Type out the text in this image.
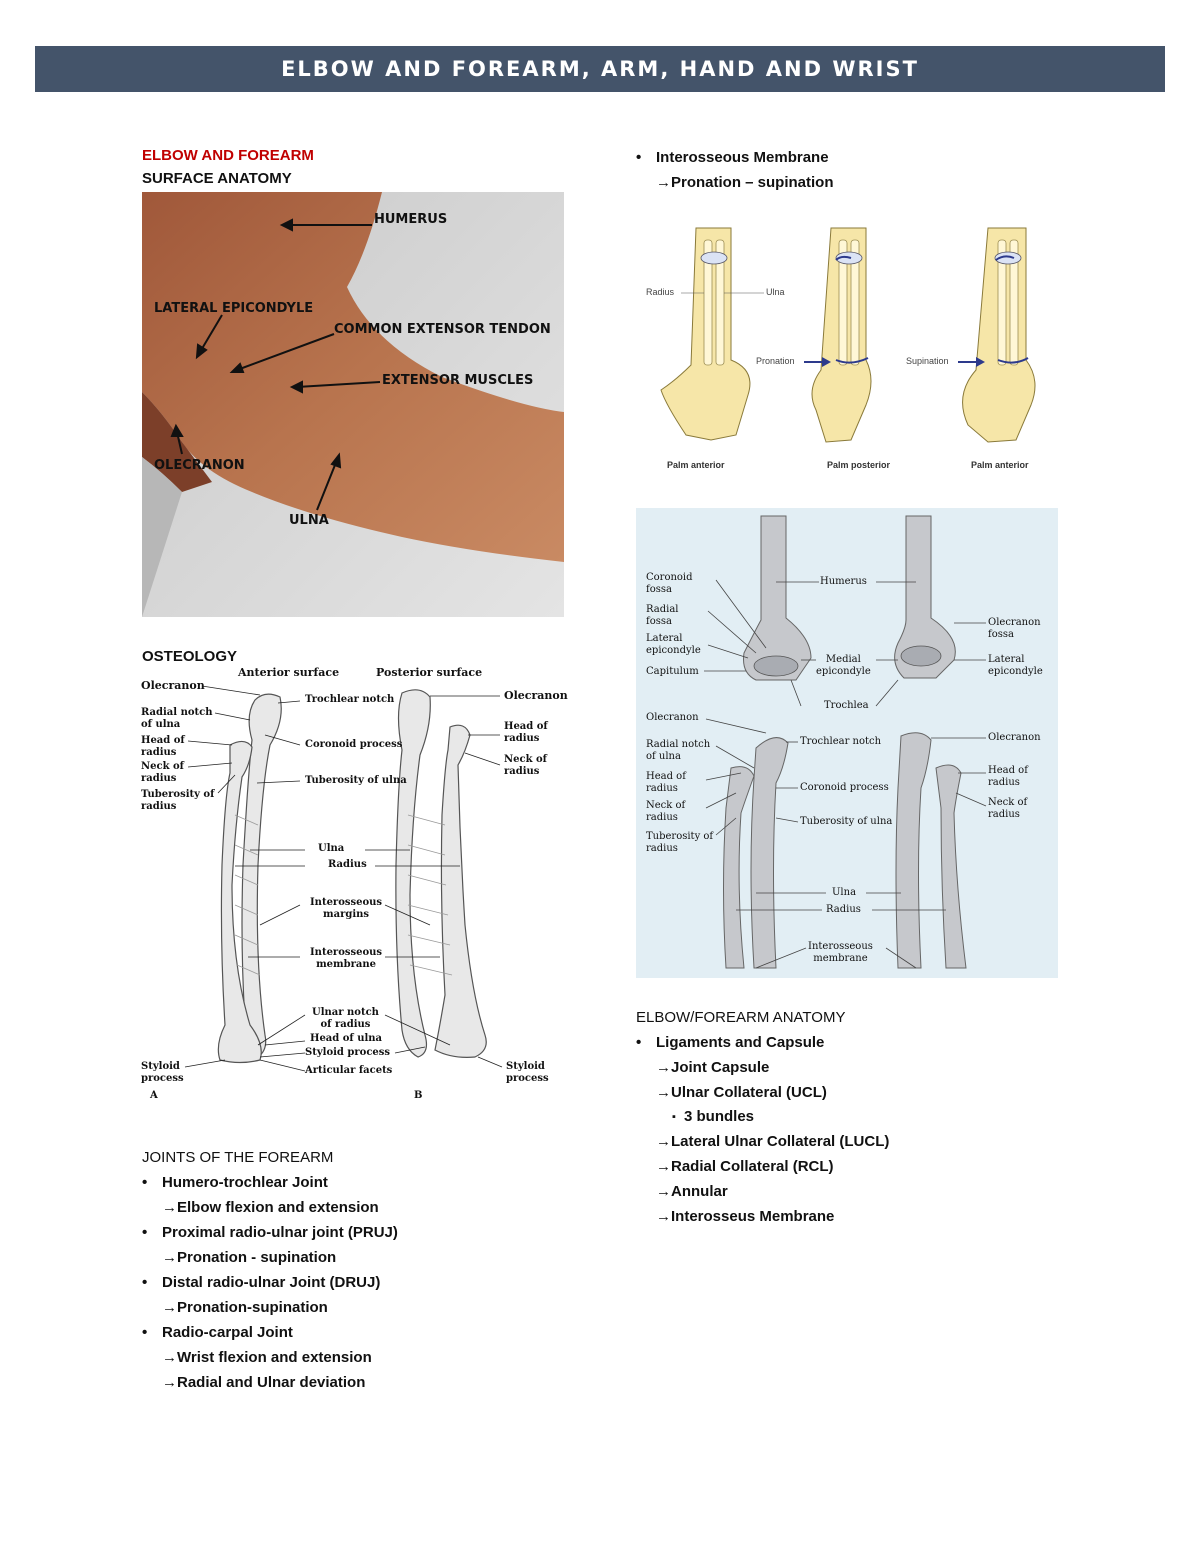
ELBOW AND FOREARM, ARM, HAND AND WRIST
ELBOW AND FOREARM
SURFACE ANATOMY
HUMERUS
LATERAL EPICONDYLE
COMMON EXTENSOR TENDON
EXTENSOR MUSCLES
OLECRANON
ULNA
OSTEOLOGY
Anterior surface	Posterior surface
Olecranon
Trochlear notch	Olecranon
Radial notch
of ulna
Head of
radius
Neck of
radius
Tuberosity of
radius
Coronoid process
Tuberosity of ulna
Head of
radius
Neck of
radius
Ulna
Radius
Interosseous
margins
Interosseous
membrane
Ulnar notch
of radius
Head of ulna
Styloid process
Articular facets
Styloid
process
Styloid
process
A	B
JOINTS OF THE FOREARM
• Humero-trochlear Joint
→Elbow flexion and extension
• Proximal radio-ulnar joint (PRUJ)
→Pronation - supination
• Distal radio-ulnar Joint (DRUJ)
→Pronation-supination
• Radio-carpal Joint
→Wrist flexion and extension
→Radial and Ulnar deviation
• Interosseous Membrane
→Pronation – supination
Radius	Ulna
Pronation	Supination
Palm anterior	Palm posterior	Palm anterior
Coronoid
fossa
Radial
fossa
Lateral
epicondyle
Capitulum
Humerus
Medial
epicondyle
Trochlea
Olecranon
fossa
Lateral
epicondyle
Olecranon
Olecranon
Trochlear notch
Radial notch
of ulna
Head of
radius
Neck of
radius
Tuberosity of
radius
Coronoid process
Tuberosity of ulna
Head of
radius
Neck of
radius
Ulna
Radius
Interosseous
membrane
ELBOW/FOREARM ANATOMY
• Ligaments and Capsule
→Joint Capsule
→Ulnar Collateral (UCL)
▪ 3 bundles
→Lateral Ulnar Collateral (LUCL)
→Radial Collateral (RCL)
→Annular
→Interosseus Membrane
